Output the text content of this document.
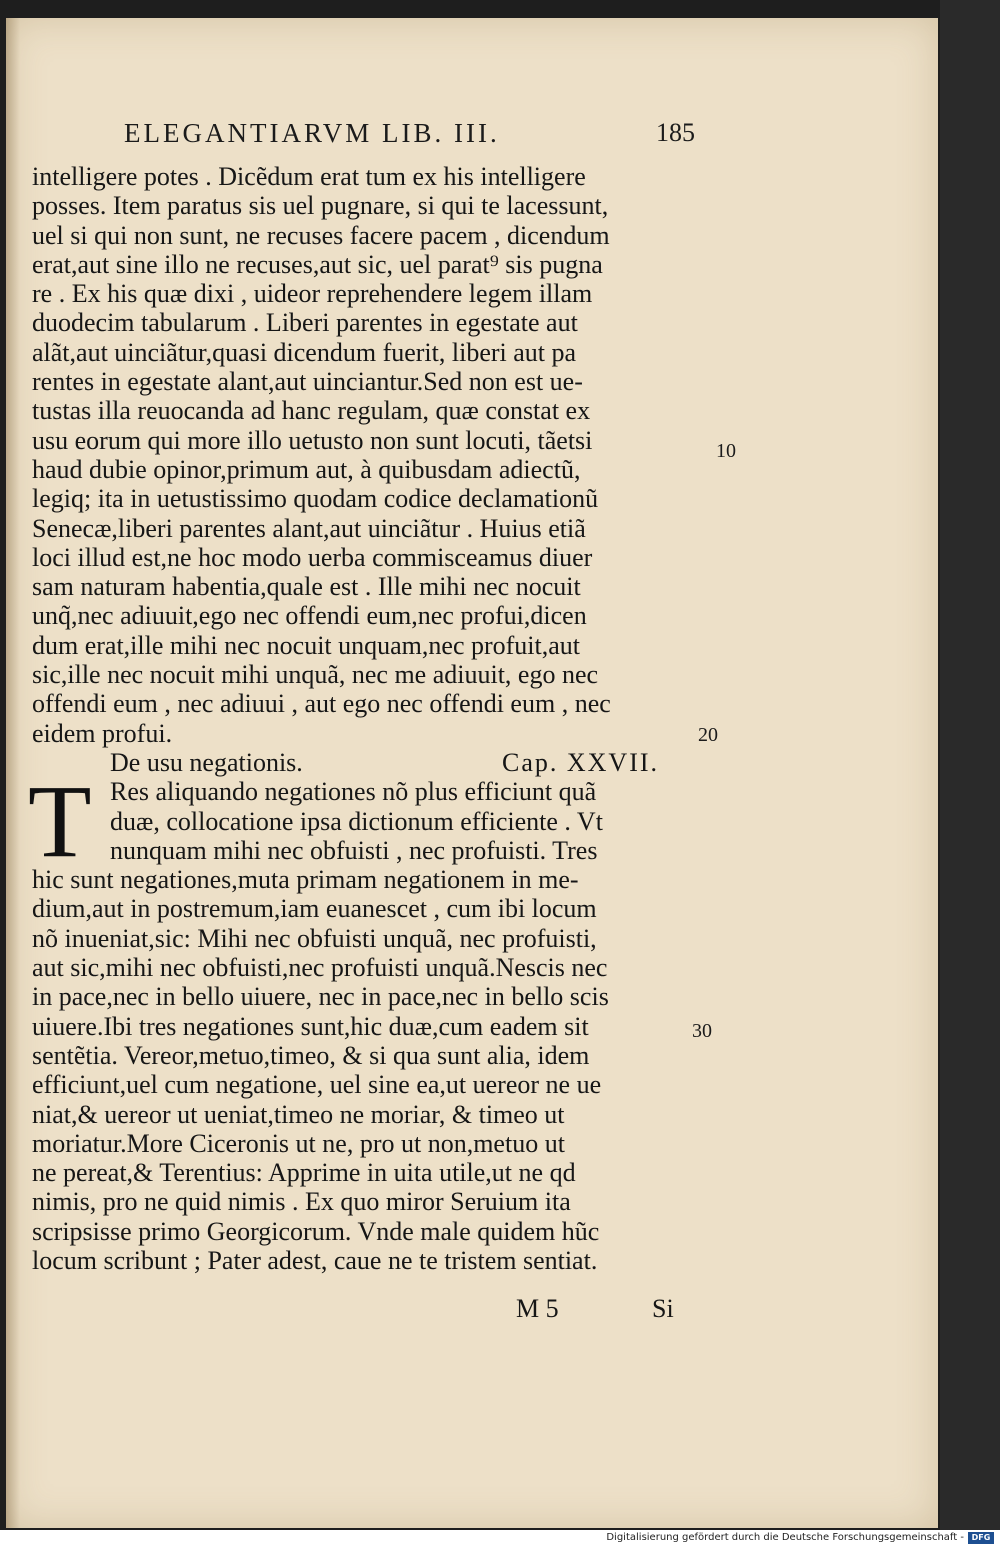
ELEGANTIARVM LIB. III.	185
intelligere potes . Dicẽdum erat tum ex his intelligere
posses. Item paratus sis uel pugnare, si qui te lacessunt,
uel si qui non sunt, ne recuses facere pacem , dicendum
erat,aut sine illo ne recuses,aut sic, uel parat⁹ sis pugna
re . Ex his quæ dixi , uideor reprehendere legem illam
duodecim tabularum . Liberi parentes in egestate aut
alãt,aut uinciãtur,quasi dicendum fuerit, liberi aut pa
rentes in egestate alant,aut uinciantur.Sed non est ue-
tustas illa reuocanda ad hanc regulam, quæ constat ex
usu eorum qui more illo uetusto non sunt locuti, tãetsi
haud dubie opinor,primum aut, à quibusdam adiectũ,
legiq; ita in uetustissimo quodam codice declamationũ
Senecæ,liberi parentes alant,aut uinciãtur . Huius etiã
loci illud est,ne hoc modo uerba commisceamus diuer
sam naturam habentia,quale est . Ille mihi nec nocuit
unq̃,nec adiuuit,ego nec offendi eum,nec profui,dicen
dum erat,ille mihi nec nocuit unquam,nec profuit,aut
sic,ille nec nocuit mihi unquã, nec me adiuuit, ego nec
offendi eum , nec adiuui , aut ego nec offendi eum , nec
eidem profui.
De usu negationis.	Cap. XXVII.
T Res aliquando negationes nõ plus efficiunt quã
duæ, collocatione ipsa dictionum efficiente . Vt
nunquam mihi nec obfuisti , nec profuisti. Tres
hic sunt negationes,muta primam negationem in me-
dium,aut in postremum,iam euanescet , cum ibi locum
nõ inueniat,sic: Mihi nec obfuisti unquã, nec profuisti,
aut sic,mihi nec obfuisti,nec profuisti unquã.Nescis nec
in pace,nec in bello uiuere, nec in pace,nec in bello scis
uiuere.Ibi tres negationes sunt,hic duæ,cum eadem sit
sentẽtia. Vereor,metuo,timeo, & si qua sunt alia, idem
efficiunt,uel cum negatione, uel sine ea,ut uereor ne ue
niat,& uereor ut ueniat,timeo ne moriar, & timeo ut
moriatur.More Ciceronis ut ne, pro ut non,metuo ut
ne pereat,& Terentius: Apprime in uita utile,ut ne qd
nimis, pro ne quid nimis . Ex quo miror Seruium ita
scripsisse primo Georgicorum. Vnde male quidem hũc
locum scribunt ; Pater adest, caue ne te tristem sentiat.
10
20
30
M 5	Si
Digitalisierung gefördert durch die Deutsche Forschungsgemeinschaft - DFG
